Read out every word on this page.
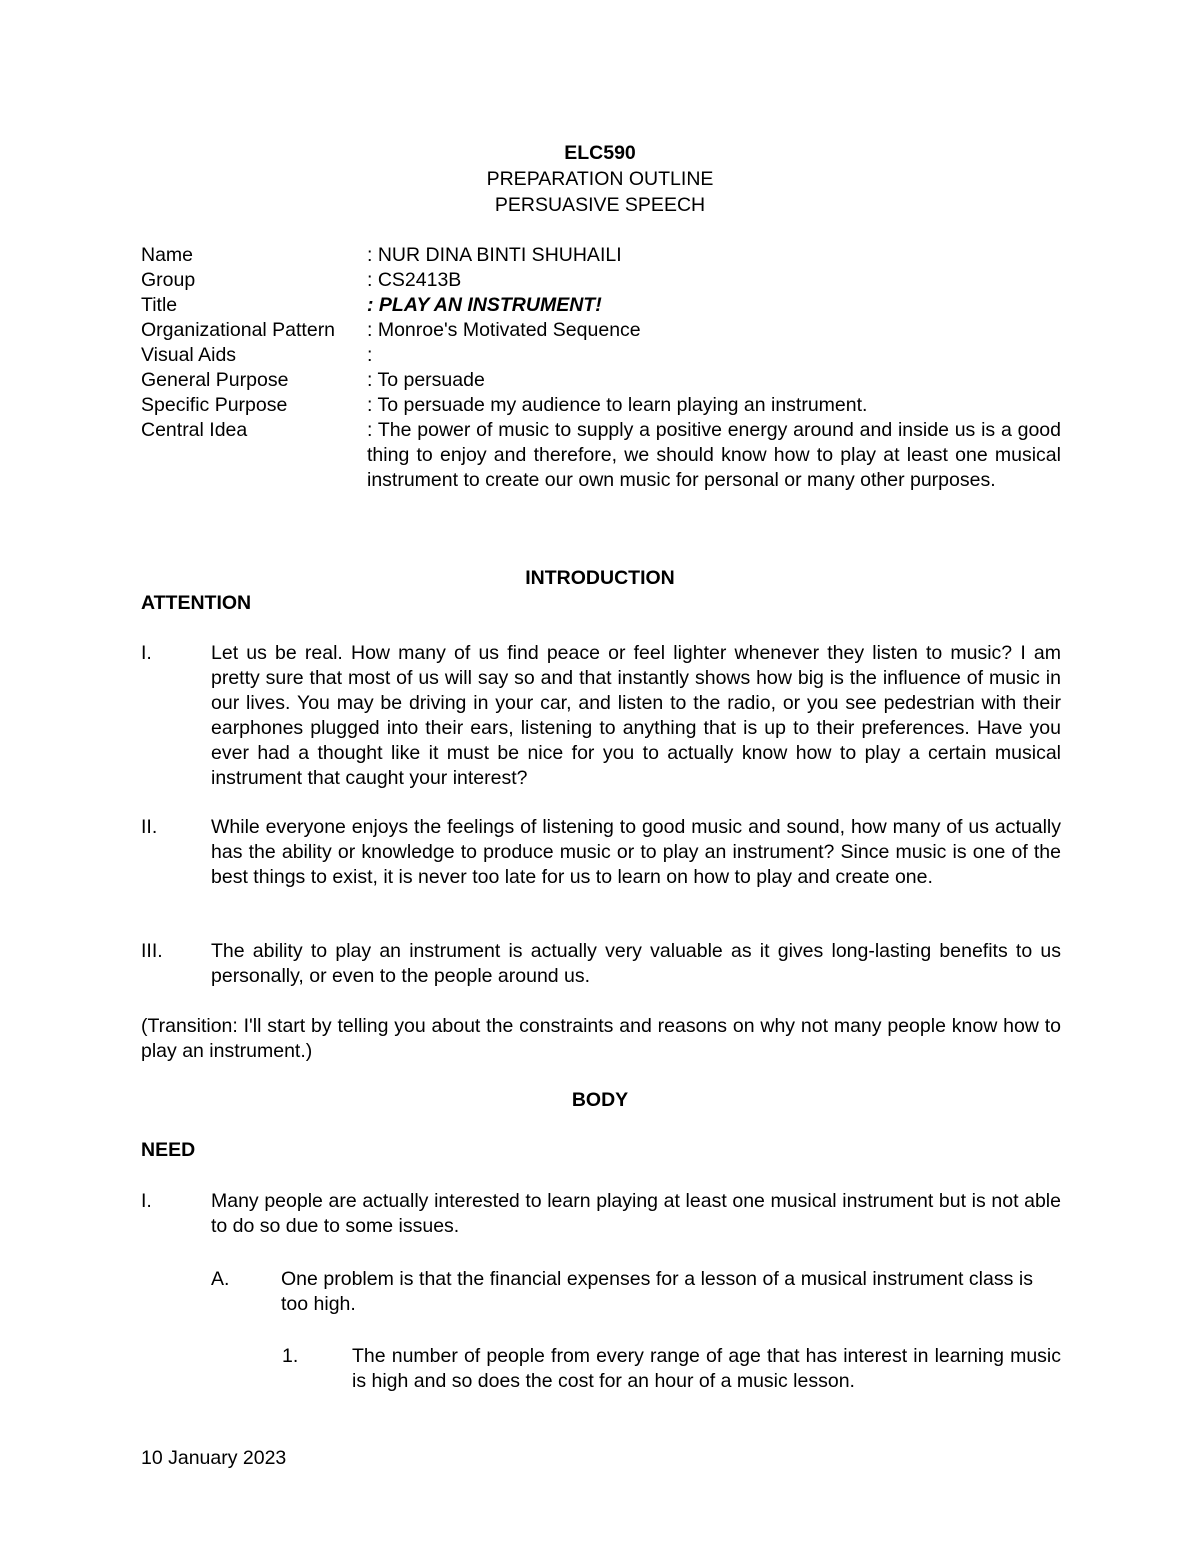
ELC590
PREPARATION OUTLINE
PERSUASIVE SPEECH
Name	: NUR DINA BINTI SHUHAILI
Group	: CS2413B
Title	: PLAY AN INSTRUMENT!
Organizational Pattern	: Monroe's Motivated Sequence
Visual Aids	:
General Purpose	: To persuade
Specific Purpose	: To persuade my audience to learn playing an instrument.
Central Idea	: The power of music to supply a positive energy around and inside us is a good thing to enjoy and therefore, we should know how to play at least one musical instrument to create our own music for personal or many other purposes.
INTRODUCTION
ATTENTION
I.	Let us be real. How many of us find peace or feel lighter whenever they listen to music? I am pretty sure that most of us will say so and that instantly shows how big is the influence of music in our lives. You may be driving in your car, and listen to the radio, or you see pedestrian with their earphones plugged into their ears, listening to anything that is up to their preferences. Have you ever had a thought like it must be nice for you to actually know how to play a certain musical instrument that caught your interest?
II.	While everyone enjoys the feelings of listening to good music and sound, how many of us actually has the ability or knowledge to produce music or to play an instrument? Since music is one of the best things to exist, it is never too late for us to learn on how to play and create one.
III.	The ability to play an instrument is actually very valuable as it gives long-lasting benefits to us personally, or even to the people around us.
(Transition: I'll start by telling you about the constraints and reasons on why not many people know how to play an instrument.)
BODY
NEED
I.	Many people are actually interested to learn playing at least one musical instrument but is not able to do so due to some issues.
A.	One problem is that the financial expenses for a lesson of a musical instrument class is too high.
1.	The number of people from every range of age that has interest in learning music is high and so does the cost for an hour of a music lesson.
10 January 2023
